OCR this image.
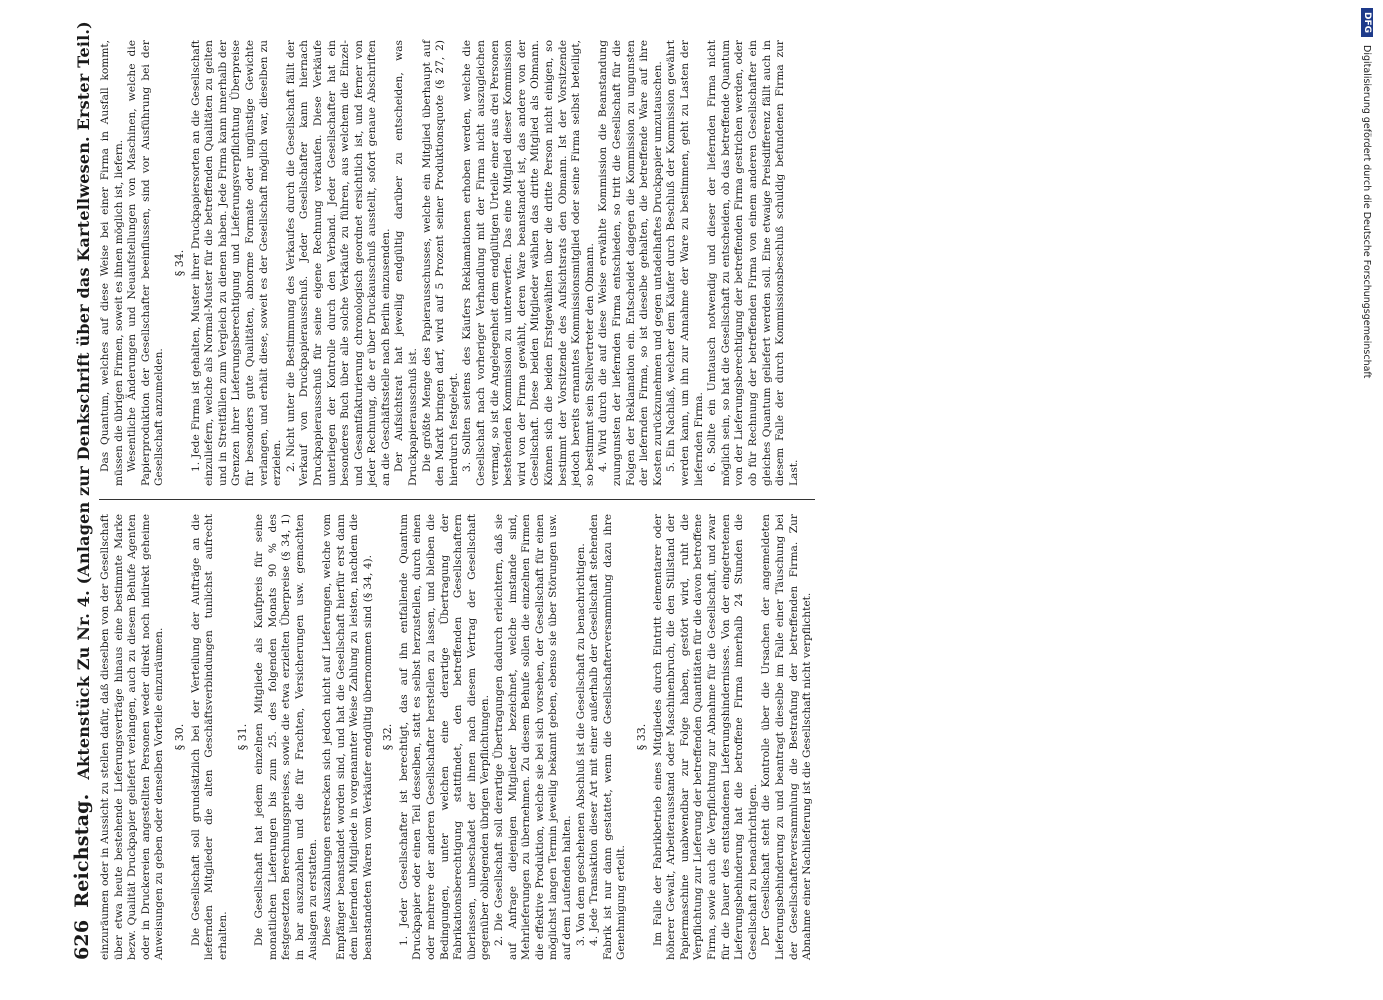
626
Reichstag.
Aktenstück Zu Nr. 4. (Anlagen zur Denkschrift über das Kartellwesen. Erster Teil.) einzuräumen oder in Aussicht zu stellen dafür, daß dieselben von der Gesellschaft über etwa heute bestehende Lieferungsverträge hinaus eine bestimmte Marke bezw. Qualität Druckpapier geliefert verlangen, auch zu diesem Behufe Agenten oder in Druckereien angestellten Personen weder direkt noch indirekt geheime Anweisungen zu geben oder denselben Vorteile einzuräumen. § 30. Die Gesellschaft soll grundsätzlich bei der Verteilung der Aufträge an die liefernden Mitglieder die alten Geschäftsverbindungen tunlichst aufrecht erhalten.

§ 31. Die Gesellschaft hat jedem einzelnen Mitgliede als Kaufpreis für seine monatlichen Lieferungen bis zum 25. des folgenden Monats 90 % des festgesetzten Berechnungspreises, sowie die etwa erzielten Überpreise (§ 34, 1) in bar auszuzahlen und die für Frachten, Versicherungen usw. gemachten Auslagen zu erstatten. Diese Auszahlungen erstrecken sich jedoch nicht auf Lieferungen, welche vom Empfänger beanstandet worden sind, und hat die Gesellschaft hierfür erst dann dem liefernden Mitgliede in vorgenannter Weise Zahlung zu leisten, nachdem die beanstandeten Waren vom Verkäufer endgültig übernommen sind (§ 34, 4). § 32. 1. Jeder Gesellschafter ist berechtigt, das auf ihn entfallende Quantum Druckpapier oder einen Teil desselben, statt es selbst herzustellen, durch einen oder mehrere der anderen Gesellschafter herstellen zu lassen, und bleiben die Bedingungen, unter welchen eine derartige Übertragung der Fabrikationsberechtigung stattfindet, den betreffenden Gesellschaftern überlassen, unbeschadet der ihnen nach diesem Vertrag der Gesellschaft gegenüber obliegenden übrigen Verpflichtungen. 2. Die Gesellschaft soll derartige Übertragungen dadurch erleichtern, daß sie auf Anfrage diejenigen Mitglieder bezeichnet, welche imstande sind, Mehrlieferungen zu übernehmen. Zu diesem Behufe sollen die einzelnen Firmen die effektive Produktion, welche sie bei sich vorsehen, der Gesellschaft für einen möglichst langen Termin jeweilig bekannt geben, ebenso sie über Störungen usw. auf dem Laufenden halten. 3. Von dem geschehenen Abschluß ist die Gesellschaft zu benachrichtigen. 4. Jede Transaktion dieser Art mit einer außerhalb der Gesellschaft stehenden Fabrik ist nur dann gestattet, wenn die Gesellschafterversammlung dazu ihre Genehmigung erteilt.

§ 33. Im Falle der Fabrikbetrieb eines Mitgliedes durch Eintritt elementarer oder höherer Gewalt, Arbeiterausstand oder Maschinenbruch, die den Stillstand der Papiermaschine unabwendbar zur Folge haben, gestört wird, ruht die Verpflichtung zur Lieferung der betreffenden Quantitäten für die davon betroffene Firma, sowie auch die Verpflichtung zur Abnahme für die Gesellschaft, und zwar für die Dauer des entstandenen Lieferungshindernisses. Von der eingetretenen Lieferungsbehinderung hat die betroffene Firma innerhalb 24 Stunden die Gesellschaft zu benachrichtigen. Der Gesellschaft steht die Kontrolle über die Ursachen der angemeldeten Lieferungsbehinderung zu und beantragt dieselbe im Falle einer Täuschung bei der Gesellschafterversammlung die Bestrafung der betreffenden Firma. Zur Abnahme einer Nachlieferung ist die Gesellschaft nicht verpflichtet.

Das Quantum, welches auf diese Weise bei einer Firma in Ausfall kommt, müssen die übrigen Firmen, soweit es ihnen möglich ist, liefern. Wesentliche Änderungen und Neuaufstellungen von Maschinen, welche die Papierproduktion der Gesellschafter beeinflussen, sind vor Ausführung bei der Gesellschaft anzumelden.

§ 34. 1. Jede Firma ist gehalten, Muster ihrer Druckpapiersorten an die Gesellschaft einzuliefern, welche als Normal-Muster für die betreffenden Qualitäten zu gelten und in Streitfällen zum Vergleich zu dienen haben. Jede Firma kann innerhalb der Grenzen ihrer Lieferungsberechtigung und Lieferungsverpflichtung Überpreise für besonders gute Qualitäten, abnorme Formate oder ungünstige Gewichte verlangen, und erhält diese, soweit es der Gesellschaft möglich war, dieselben zu erzielen. 2. Nicht unter die Bestimmung des Verkaufes durch die Gesellschaft fällt der Verkauf von Druckpapierausschuß. Jeder Gesellschafter kann hiernach Druckpapierausschuß für seine eigene Rechnung verkaufen. Diese Verkäufe unterliegen der Kontrolle durch den Verband. Jeder Gesellschafter hat ein besonderes Buch über alle solche Verkäufe zu führen, aus welchem die Einzel- und Gesamtfakturierung chronologisch geordnet ersichtlich ist, und ferner von jeder Rechnung, die er über Druckausschuß ausstellt, sofort genaue Abschriften an die Geschäftsstelle nach Berlin einzusenden. Der Aufsichtsrat hat jeweilig endgültig darüber zu entscheiden, was Druckpapierausschuß ist. Die größte Menge des Papierausschusses, welche ein Mitglied überhaupt auf den Markt bringen darf, wird auf 5 Prozent seiner Produktionsquote (§ 27, 2) hierdurch festgelegt. 3. Sollten seitens des Käufers Reklamationen erhoben werden, welche die Gesellschaft nach vorheriger Verhandlung mit der Firma nicht auszugleichen vermag, so ist die Angelegenheit dem endgültigen Urteile einer aus drei Personen bestehenden Kommission zu unterwerfen. Das eine Mitglied dieser Kommission wird von der Firma gewählt, deren Ware beanstandet ist, das andere von der Gesellschaft. Diese beiden Mitglieder wählen das dritte Mitglied als Obmann. Können sich die beiden Erstgewählten über die dritte Person nicht einigen, so bestimmt der Vorsitzende des Aufsichtsrats den Obmann. Ist der Vorsitzende jedoch bereits ernanntes Kommissionsmitglied oder seine Firma selbst beteiligt, so bestimmt sein Stellvertreter den Obmann. 4. Wird durch die auf diese Weise erwählte Kommission die Beanstandung zuungunsten der liefernden Firma entschieden, so tritt die Gesellschaft für die Folgen der Reklamation ein. Entscheidet dagegen die Kommission zu ungunsten der liefernden Firma, so ist dieselbe gehalten, die betreffende Ware auf ihre Kosten zurückzunehmen und gegen untadelhaftes Druckpapier umzutauschen. 5. Ein Nachlaß, welcher dem Käufer durch Beschluß der Kommission gewährt werden kann, um ihn zur Annahme der Ware zu bestimmen, geht zu Lasten der liefernden Firma. 6. Sollte ein Umtausch notwendig und dieser der liefernden Firma nicht möglich sein, so hat die Gesellschaft zu entscheiden, ob das betreffende Quantum von der Lieferungsberechtigung der betreffenden Firma gestrichen werden, oder ob für Rechnung der betreffenden Firma von einem anderen Gesellschafter ein gleiches Quantum geliefert werden soll. Eine etwaige Preisdifferenz fällt auch in diesem Falle der durch Kommissionsbeschluß schuldig befundenen Firma zur Last.

DFG
Digitalisierung gefördert durch die Deutsche Forschungsgemeinschaft
